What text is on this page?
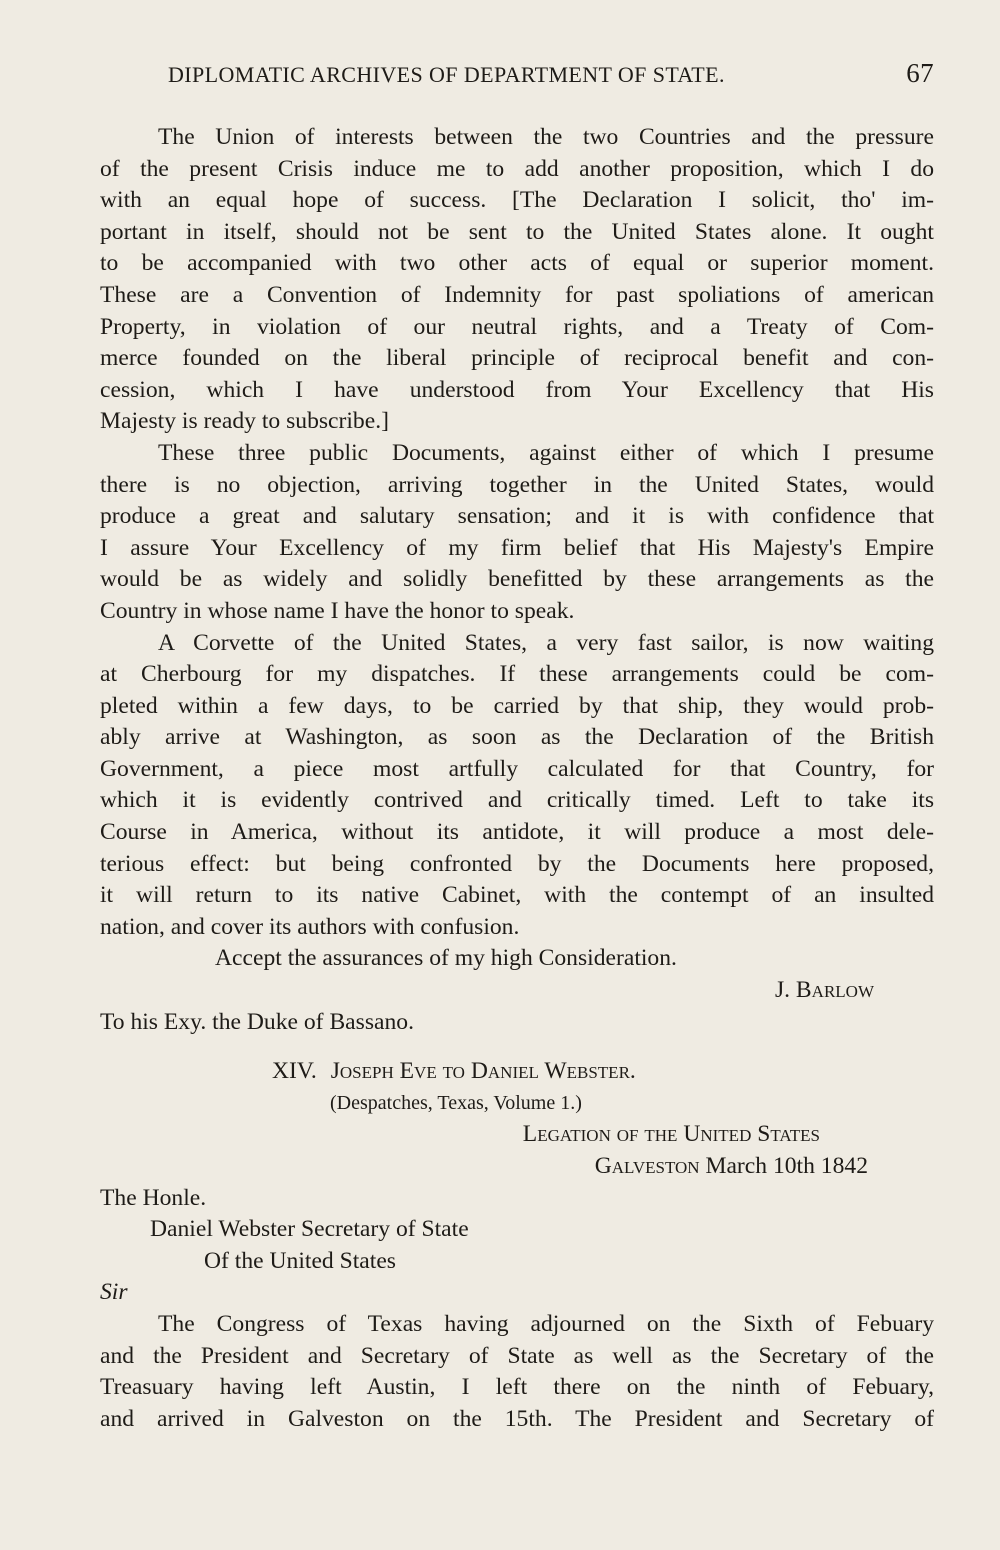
DIPLOMATIC ARCHIVES OF DEPARTMENT OF STATE.	67
The Union of interests between the two Countries and the pressure
of the present Crisis induce me to add another proposition, which I do
with an equal hope of success. [The Declaration I solicit, tho' im-
portant in itself, should not be sent to the United States alone. It ought
to be accompanied with two other acts of equal or superior moment.
These are a Convention of Indemnity for past spoliations of american
Property, in violation of our neutral rights, and a Treaty of Com-
merce founded on the liberal principle of reciprocal benefit and con-
cession, which I have understood from Your Excellency that His
Majesty is ready to subscribe.]
These three public Documents, against either of which I presume
there is no objection, arriving together in the United States, would
produce a great and salutary sensation; and it is with confidence that
I assure Your Excellency of my firm belief that His Majesty's Empire
would be as widely and solidly benefitted by these arrangements as the
Country in whose name I have the honor to speak.
A Corvette of the United States, a very fast sailor, is now waiting
at Cherbourg for my dispatches. If these arrangements could be com-
pleted within a few days, to be carried by that ship, they would prob-
ably arrive at Washington, as soon as the Declaration of the British
Government, a piece most artfully calculated for that Country, for
which it is evidently contrived and critically timed. Left to take its
Course in America, without its antidote, it will produce a most dele-
terious effect: but being confronted by the Documents here proposed,
it will return to its native Cabinet, with the contempt of an insulted
nation, and cover its authors with confusion.
Accept the assurances of my high Consideration.
J. Barlow
To his Exy. the Duke of Bassano.
XIV. Joseph Eve to Daniel Webster.
(Despatches, Texas, Volume 1.)
Legation of the United States
Galveston March 10th 1842
The Honle.
Daniel Webster Secretary of State
Of the United States
Sir
The Congress of Texas having adjourned on the Sixth of Febuary
and the President and Secretary of State as well as the Secretary of the
Treasuary having left Austin, I left there on the ninth of Febuary,
and arrived in Galveston on the 15th. The President and Secretary of
